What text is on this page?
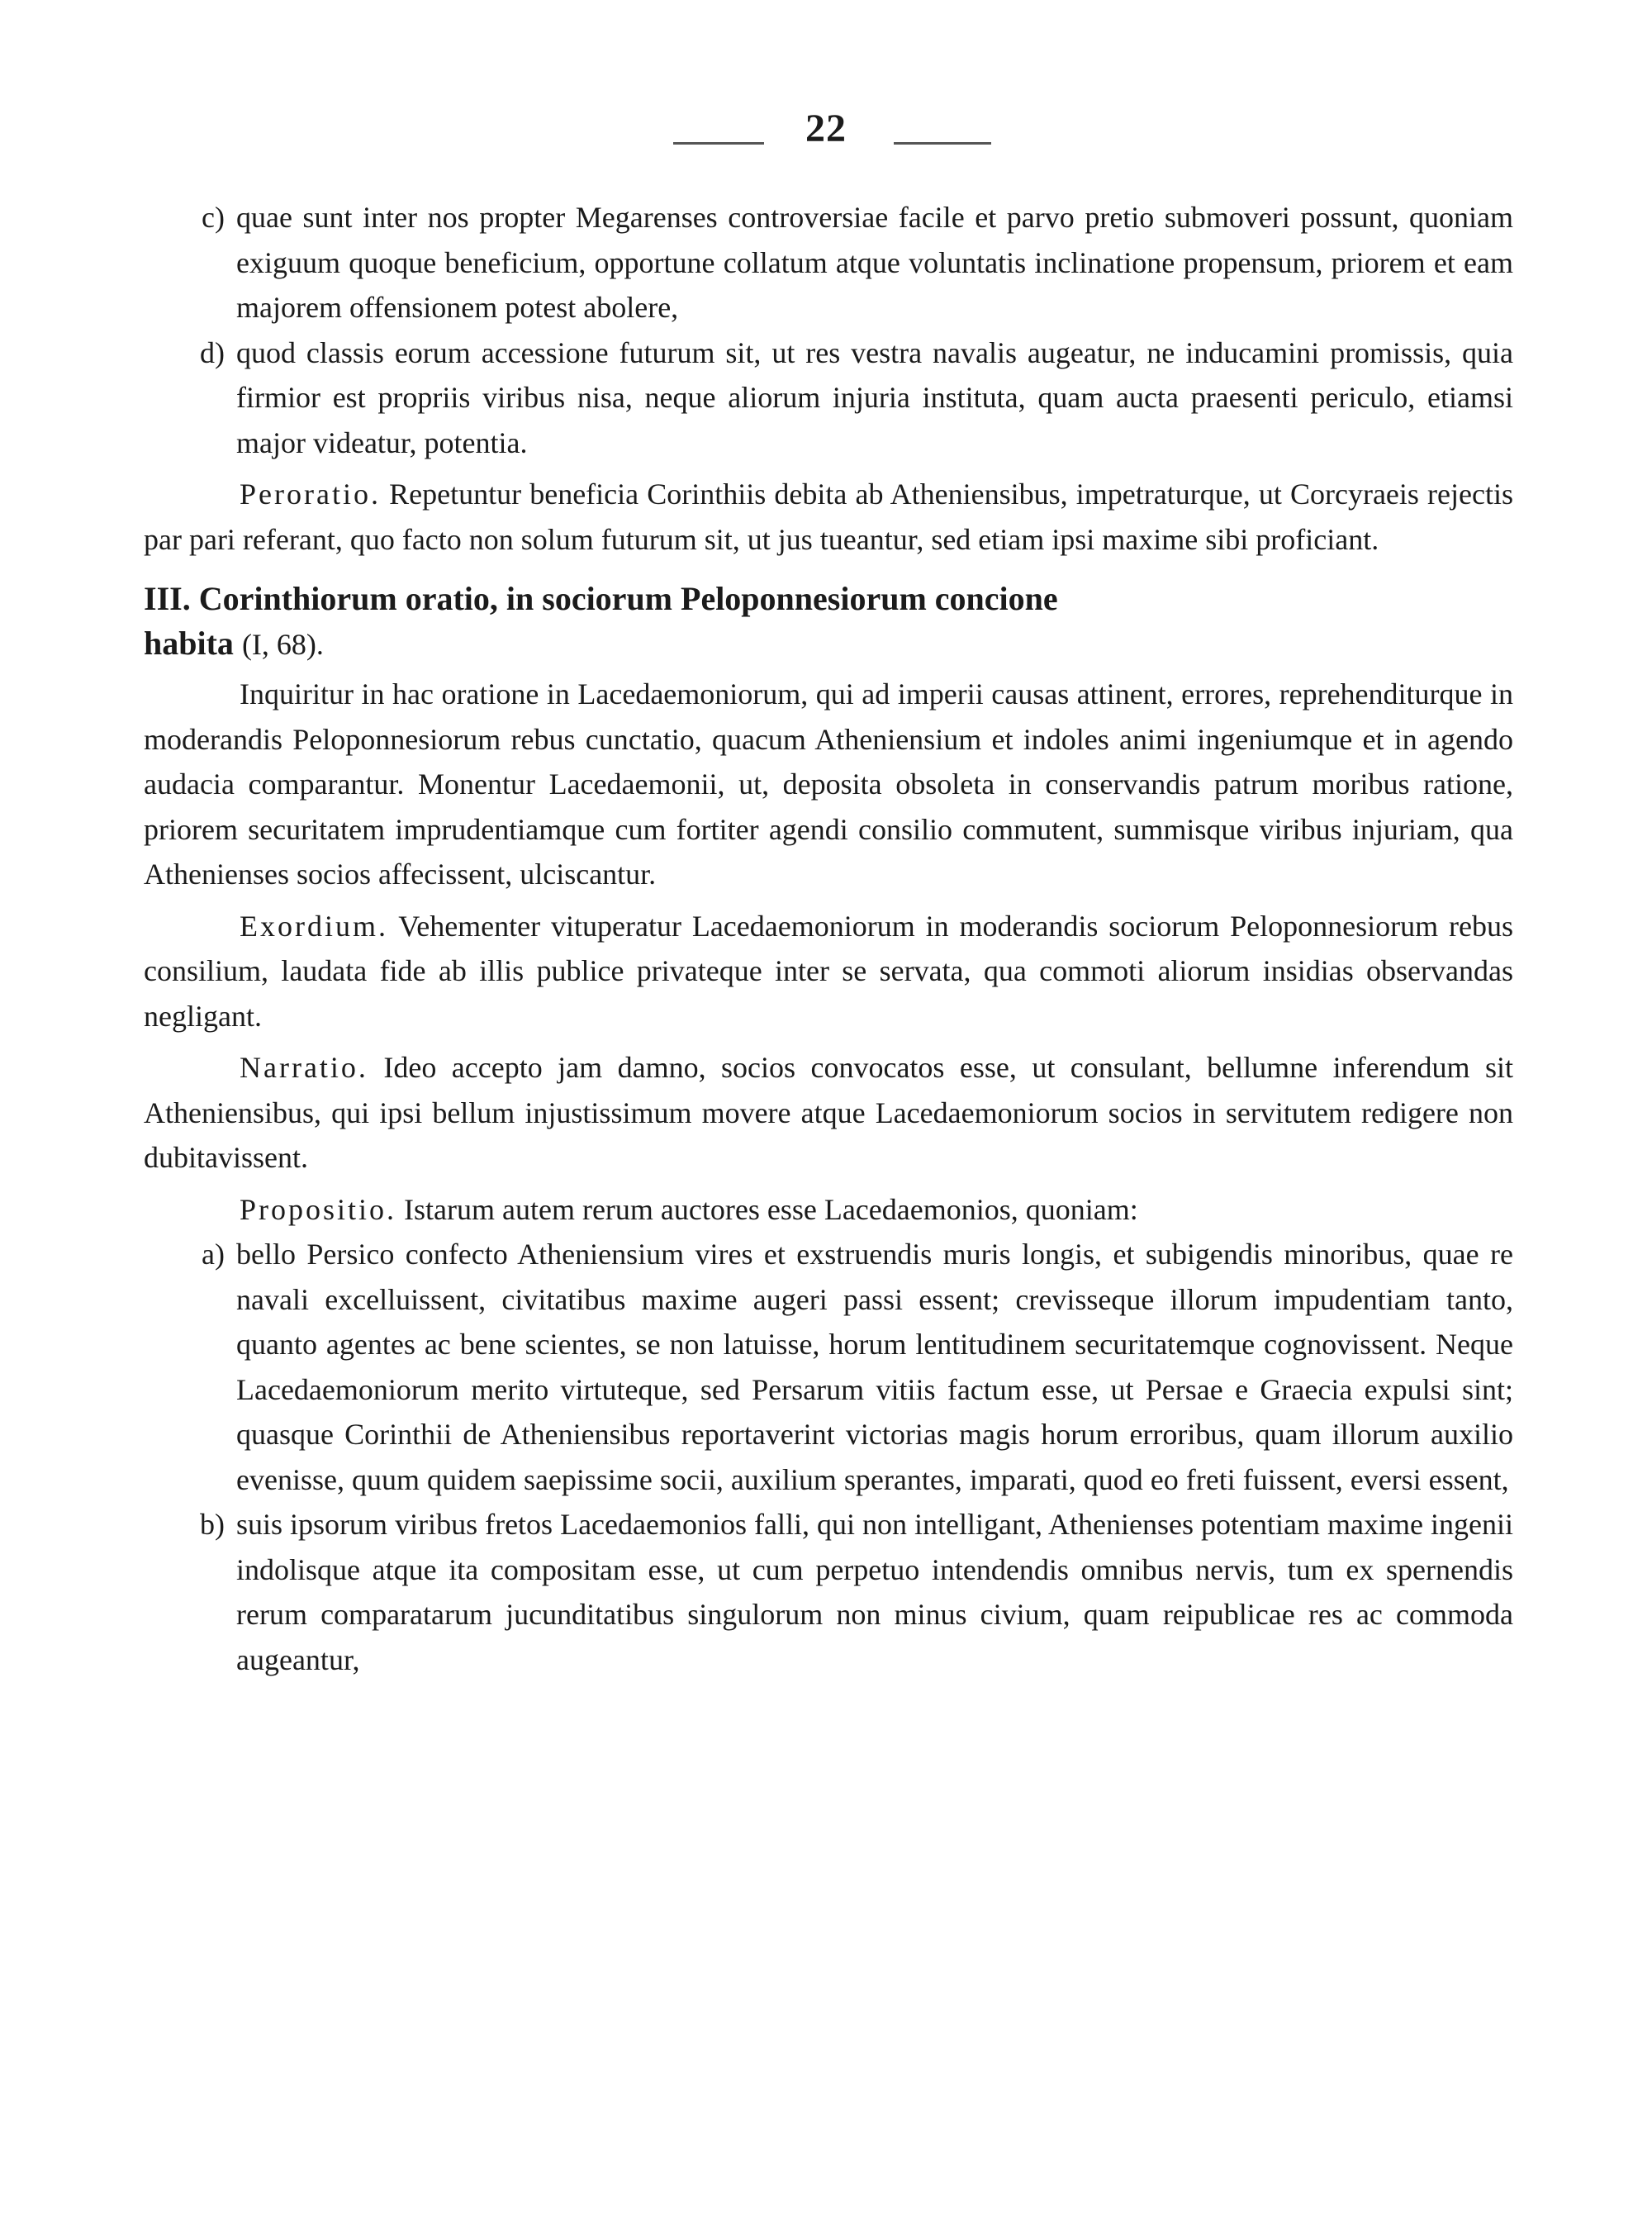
22
c) quae sunt inter nos propter Megarenses controversiae facile et parvo pretio submoveri possunt, quoniam exiguum quoque beneficium, opportune collatum atque voluntatis inclinatione propensum, priorem et eam majorem offensionem potest abolere,

d) quod classis eorum accessione futurum sit, ut res vestra navalis augeatur, ne inducamini promissis, quia firmior est propriis viribus nisa, neque aliorum injuria instituta, quam aucta praesenti periculo, etiamsi major videatur, potentia.

Peroratio. Repetuntur beneficia Corinthiis debita ab Atheniensibus, impetraturque, ut Corcyraeis rejectis par pari referant, quo facto non solum futurum sit, ut jus tueantur, sed etiam ipsi maxime sibi proficiant.

III. Corinthiorum oratio, in sociorum Peloponnesiorum concione
habita (I, 68).

Inquiritur in hac oratione in Lacedaemoniorum, qui ad imperii causas attinent, errores, reprehenditurque in moderandis Peloponnesiorum rebus cunctatio, quacum Atheniensium et indoles animi ingeniumque et in agendo audacia comparantur. Monentur Lacedaemonii, ut, deposita obsoleta in conservandis patrum moribus ratione, priorem securitatem imprudentiamque cum fortiter agendi consilio commutent, summisque viribus injuriam, qua Athenienses socios affecissent, ulciscantur.

Exordium. Vehementer vituperatur Lacedaemoniorum in moderandis sociorum Peloponnesiorum rebus consilium, laudata fide ab illis publice privateque inter se servata, qua commoti aliorum insidias observandas negligant.

Narratio. Ideo accepto jam damno, socios convocatos esse, ut consulant, bellumne inferendum sit Atheniensibus, qui ipsi bellum injustissimum movere atque Lacedaemoniorum socios in servitutem redigere non dubitavissent.

Propositio. Istarum autem rerum auctores esse Lacedaemonios, quoniam:

a) bello Persico confecto Atheniensium vires et exstruendis muris longis, et subigendis minoribus, quae re navali excelluissent, civitatibus maxime augeri passi essent; crevisseque illorum impudentiam tanto, quanto agentes ac bene scientes, se non latuisse, horum lentitudinem securitatemque cognovissent. Neque Lacedaemoniorum merito virtuteque, sed Persarum vitiis factum esse, ut Persae e Graecia expulsi sint; quasque Corinthii de Atheniensibus reportaverint victorias magis horum erroribus, quam illorum auxilio evenisse, quum quidem saepissime socii, auxilium sperantes, imparati, quod eo freti fuissent, eversi essent,

b) suis ipsorum viribus fretos Lacedaemonios falli, qui non intelligant, Athenienses potentiam maxime ingenii indolisque atque ita compositam esse, ut cum perpetuo intendendis omnibus nervis, tum ex spernendis rerum comparatarum jucunditatibus singulorum non minus civium, quam reipublicae res ac commoda augeantur,
